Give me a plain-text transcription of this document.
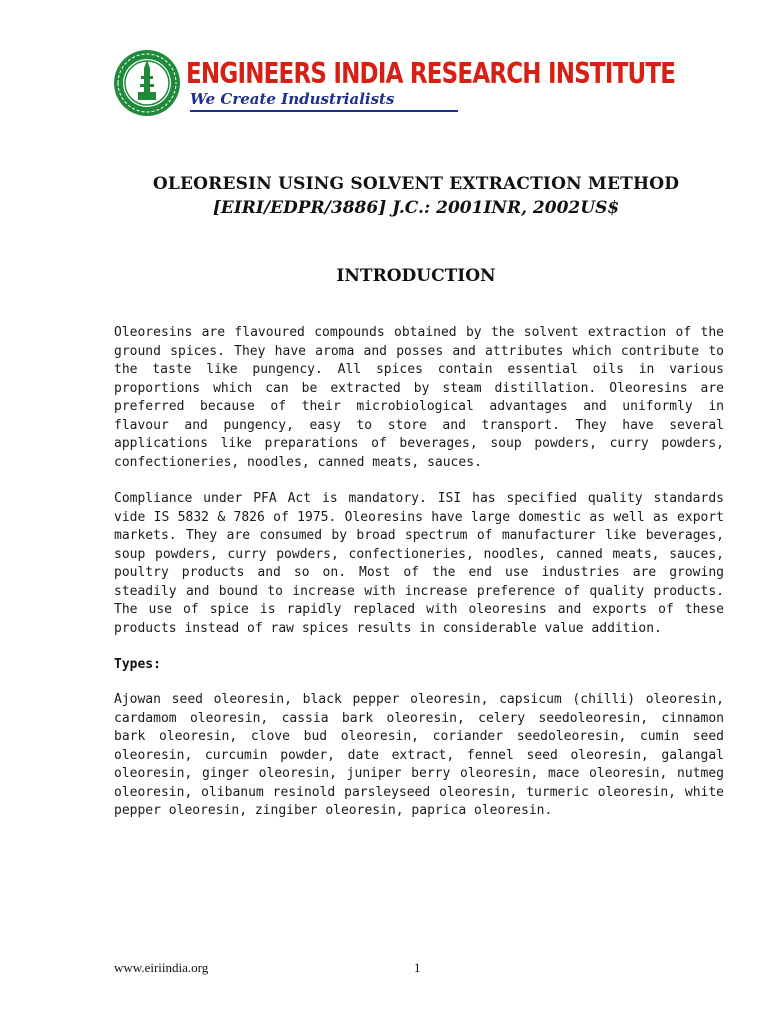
ENGINEERS INDIA RESEARCH INSTITUTE
We Create Industrialists
OLEORESIN USING SOLVENT EXTRACTION METHOD
[EIRI/EDPR/3886] J.C.: 2001INR, 2002US$
INTRODUCTION

Oleoresins are flavoured compounds obtained by the solvent extraction of the ground spices. They have aroma and posses and attributes which contribute to the taste like pungency. All spices contain essential oils in various proportions which can be extracted by steam distillation. Oleoresins are preferred because of their microbiological advantages and uniformly in flavour and pungency, easy to store and transport. They have several applications like preparations of beverages, soup powders, curry powders, confectioneries, noodles, canned meats, sauces.

Compliance under PFA Act is mandatory. ISI has specified quality standards vide IS 5832 & 7826 of 1975. Oleoresins have large domestic as well as export markets. They are consumed by broad spectrum of manufacturer like beverages, soup powders, curry powders, confectioneries, noodles, canned meats, sauces, poultry products and so on. Most of the end use industries are growing steadily and bound to increase with increase preference of quality products. The use of spice is rapidly replaced with oleoresins and exports of these products instead of raw spices results in considerable value addition.

Types:

Ajowan seed oleoresin, black pepper oleoresin, capsicum (chilli) oleoresin, cardamom oleoresin, cassia bark oleoresin, celery seedoleoresin, cinnamon bark oleoresin, clove bud oleoresin, coriander seedoleoresin, cumin seed oleoresin, curcumin powder, date extract, fennel seed oleoresin, galangal oleoresin, ginger oleoresin, juniper berry oleoresin, mace oleoresin, nutmeg oleoresin, olibanum resinold parsleyseed oleoresin, turmeric oleoresin, white pepper oleoresin, zingiber oleoresin, paprica oleoresin.

www.eiriindia.org	1
